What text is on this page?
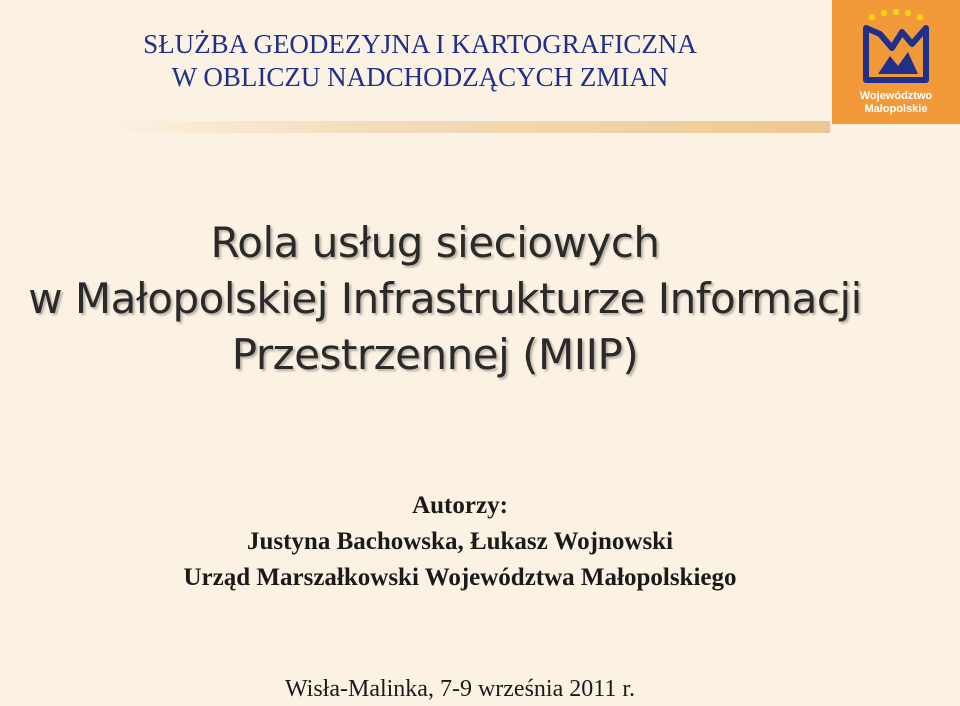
SŁUŻBA GEODEZYJNA I KARTOGRAFICZNA
W OBLICZU NADCHODZĄCYCH ZMIAN
Województwo
Małopolskie
Rola usług sieciowych
w Małopolskiej Infrastrukturze Informacji
Przestrzennej (MIIP)
Autorzy:
Justyna Bachowska, Łukasz Wojnowski
Urząd Marszałkowski Województwa Małopolskiego
Wisła-Malinka, 7-9 września 2011 r.
